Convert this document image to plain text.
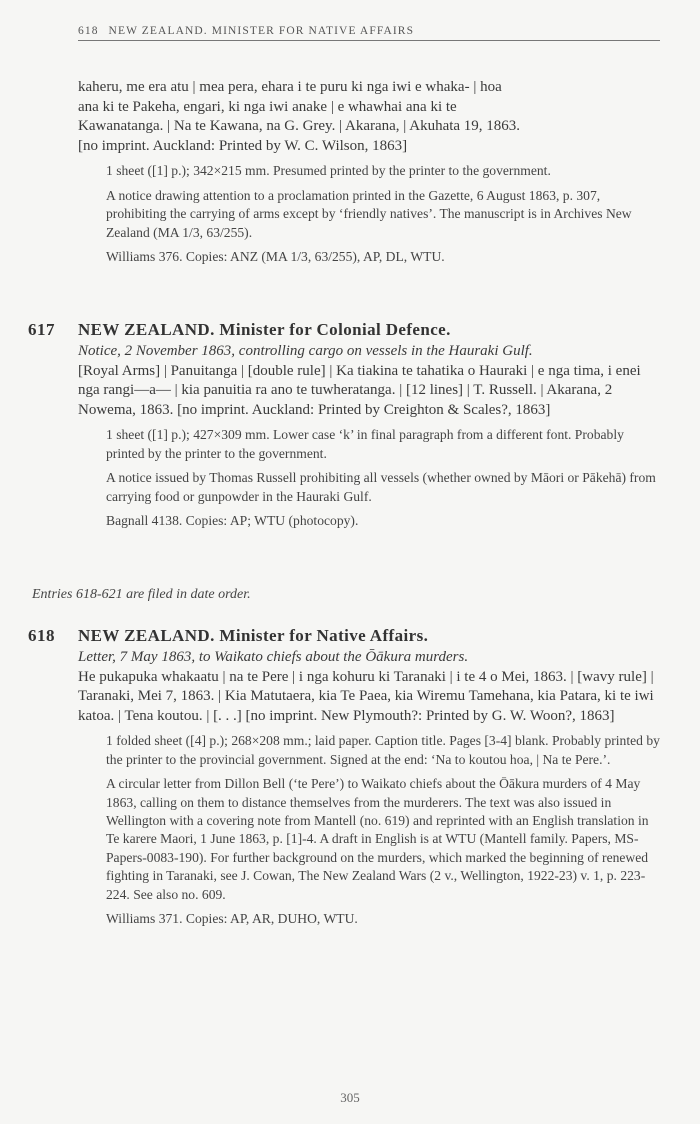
618 NEW ZEALAND. MINISTER FOR NATIVE AFFAIRS

kaheru, me era atu | mea pera, ehara i te puru ki nga iwi e whaka- | hoa

ana ki te Pakeha, engari, ki nga iwi anake | e whawhai ana ki te

Kawanatanga. | Na te Kawana, na G. Grey. | Akarana, | Akuhata 19, 1863.

[no imprint. Auckland: Printed by W. C. Wilson, 1863]

1 sheet ([1] p.); 342×215 mm. Presumed printed by the printer to the government.

A notice drawing attention to a proclamation printed in the Gazette, 6 August 1863, p. 307, prohibiting the carrying of arms except by ‘friendly natives’. The manuscript is in Archives New Zealand (MA 1/3, 63/255).

Williams 376. Copies: ANZ (MA 1/3, 63/255), AP, DL, WTU.

617 NEW ZEALAND. Minister for Colonial Defence.

Notice, 2 November 1863, controlling cargo on vessels in the Hauraki Gulf.

[Royal Arms] | Panuitanga | [double rule] | Ka tiakina te tahatika o Hauraki | e nga tima, i enei nga rangi—a— | kia panuitia ra ano te tuwheratanga. | [12 lines] | T. Russell. | Akarana, 2 Nowema, 1863. [no imprint. Auckland: Printed by Creighton & Scales?, 1863]

1 sheet ([1] p.); 427×309 mm. Lower case ‘k’ in final paragraph from a different font. Probably printed by the printer to the government.

A notice issued by Thomas Russell prohibiting all vessels (whether owned by Māori or Pākehā) from carrying food or gunpowder in the Hauraki Gulf.

Bagnall 4138. Copies: AP; WTU (photocopy).

Entries 618-621 are filed in date order.
618 NEW ZEALAND. Minister for Native Affairs.

Letter, 7 May 1863, to Waikato chiefs about the Ōākura murders.

He pukapuka whakaatu | na te Pere | i nga kohuru ki Taranaki | i te 4 o Mei, 1863. | [wavy rule] | Taranaki, Mei 7, 1863. | Kia Matutaera, kia Te Paea, kia Wiremu Tamehana, kia Patara, ki te iwi katoa. | Tena koutou. | [. . .] [no imprint. New Plymouth?: Printed by G. W. Woon?, 1863]

1 folded sheet ([4] p.); 268×208 mm.; laid paper. Caption title. Pages [3-4] blank. Probably printed by the printer to the provincial government. Signed at the end: ‘Na to koutou hoa, | Na te Pere.’.

A circular letter from Dillon Bell (‘te Pere’) to Waikato chiefs about the Ōākura murders of 4 May 1863, calling on them to distance themselves from the murderers. The text was also issued in Wellington with a covering note from Mantell (no. 619) and reprinted with an English translation in Te karere Maori, 1 June 1863, p. [1]-4. A draft in English is at WTU (Mantell family. Papers, MS-Papers-0083-190). For further background on the murders, which marked the beginning of renewed fighting in Taranaki, see J. Cowan, The New Zealand Wars (2 v., Wellington, 1922-23) v. 1, p. 223-224. See also no. 609.

Williams 371. Copies: AP, AR, DUHO, WTU.

305
